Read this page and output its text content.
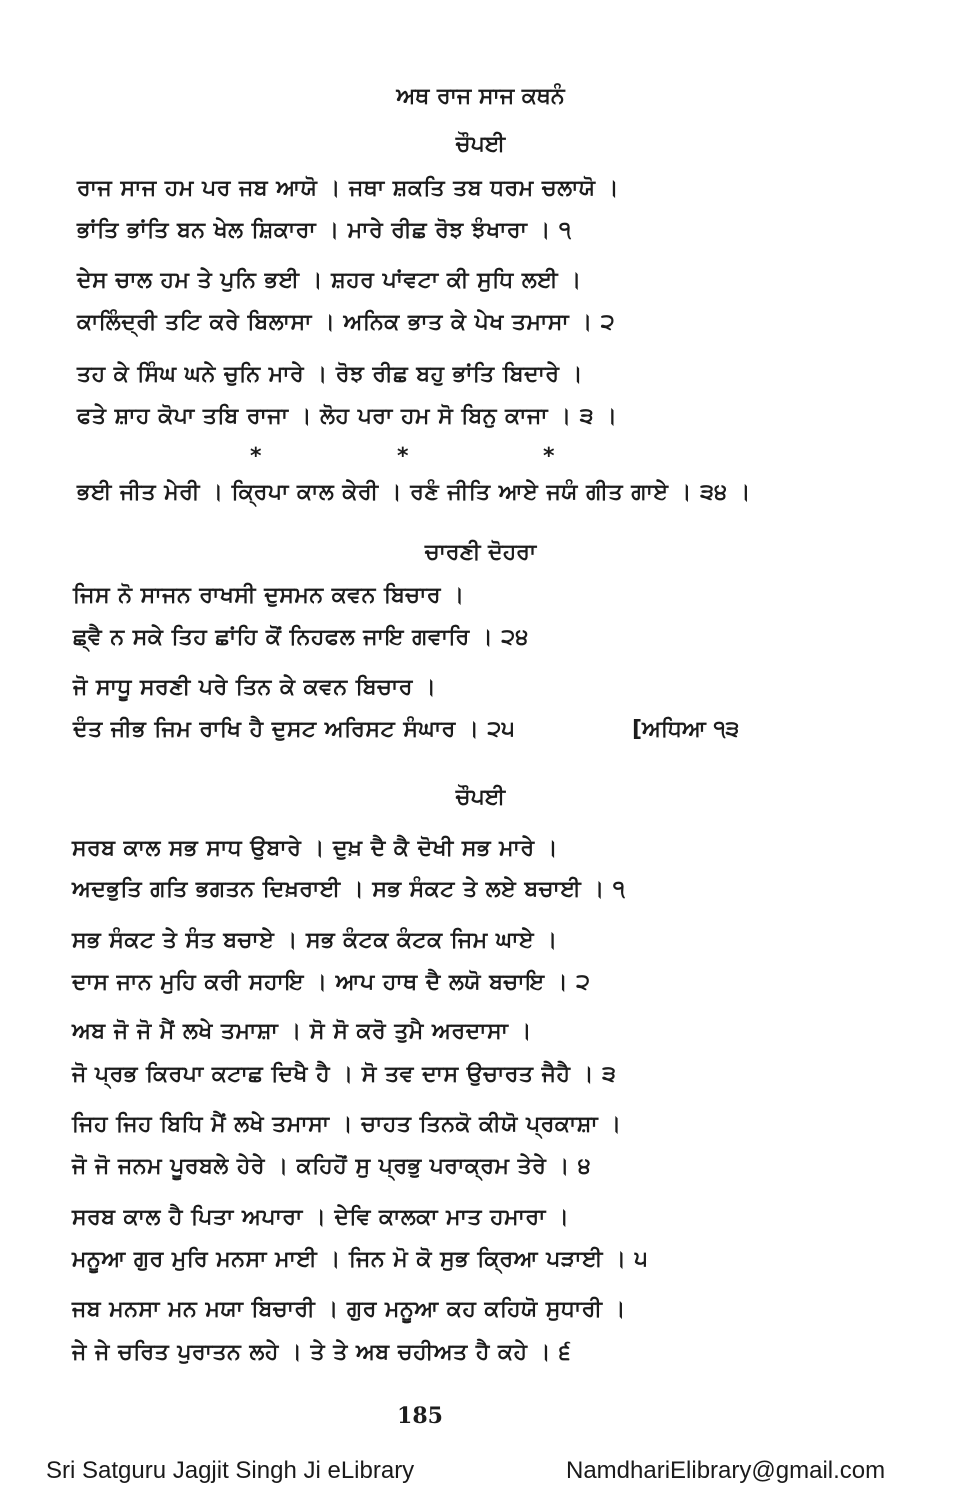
ਅਥ ਰਾਜ ਸਾਜ ਕਥਨੰ
ਚੌਪਈ
ਰਾਜ ਸਾਜ ਹਮ ਪਰ ਜਬ ਆਯੋ । ਜਥਾ ਸ਼ਕਤਿ ਤਬ ਧਰਮ ਚਲਾਯੋ ।
ਭਾਂਤਿ ਭਾਂਤਿ ਬਨ ਖੇਲ ਸ਼ਿਕਾਰਾ । ਮਾਰੇ ਰੀਛ ਰੋਝ ਝੰਖਾਰਾ । ੧
ਦੇਸ ਚਾਲ ਹਮ ਤੇ ਪੁਨਿ ਭਈ । ਸ਼ਹਰ ਪਾਂਵਟਾ ਕੀ ਸੁਧਿ ਲਈ ।
ਕਾਲਿੰਦ੍ਰੀ ਤਟਿ ਕਰੇ ਬਿਲਾਸਾ । ਅਨਿਕ ਭਾਤ ਕੇ ਪੇਖ ਤਮਾਸਾ । ੨
ਤਹ ਕੇ ਸਿੰਘ ਘਨੇ ਚੁਨਿ ਮਾਰੇ । ਰੋਝ ਰੀਛ ਬਹੁ ਭਾਂਤਿ ਬਿਦਾਰੇ ।
ਫਤੇ ਸ਼ਾਹ ਕੋਪਾ ਤਬਿ ਰਾਜਾ । ਲੋਹ ਪਰਾ ਹਮ ਸੋ ਬਿਨੁ ਕਾਜਾ । ੩ ।
*	*	*
ਭਈ ਜੀਤ ਮੇਰੀ । ਕ੍ਰਿਪਾ ਕਾਲ ਕੇਰੀ । ਰਣੰ ਜੀਤਿ ਆਏ ਜਯੰ ਗੀਤ ਗਾਏ । ੩੪ ।
ਚਾਰਣੀ ਦੋਹਰਾ
ਜਿਸ ਨੋ ਸਾਜਨ ਰਾਖਸੀ ਦੁਸਮਨ ਕਵਨ ਬਿਚਾਰ ।
ਛ੍ਵੈ ਨ ਸਕੇ ਤਿਹ ਛਾਂਹਿ ਕੋਂ ਨਿਹਫਲ ਜਾਇ ਗਵਾਰਿ । ੨੪
ਜੋ ਸਾਧੂ ਸਰਣੀ ਪਰੇ ਤਿਨ ਕੇ ਕਵਨ ਬਿਚਾਰ ।
ਦੰਤ ਜੀਭ ਜਿਮ ਰਾਖਿ ਹੈ ਦੁਸਟ ਅਰਿਸਟ ਸੰਘਾਰ । ੨੫	[ਅਧਿਆ ੧੩
ਚੌਪਈ
ਸਰਬ ਕਾਲ ਸਭ ਸਾਧ ਉਬਾਰੇ । ਦੁਖ਼ ਦੈ ਕੈ ਦੋਖੀ ਸਭ ਮਾਰੇ ।
ਅਦਭੁਤਿ ਗਤਿ ਭਗਤਨ ਦਿਖ਼ਰਾਈ । ਸਭ ਸੰਕਟ ਤੇ ਲਏ ਬਚਾਈ । ੧
ਸਭ ਸੰਕਟ ਤੇ ਸੰਤ ਬਚਾਏ । ਸਭ ਕੰਟਕ ਕੰਟਕ ਜਿਮ ਘਾਏ ।
ਦਾਸ ਜਾਨ ਮੁਹਿ ਕਰੀ ਸਹਾਇ । ਆਪ ਹਾਥ ਦੈ ਲਯੋ ਬਚਾਇ । ੨
ਅਬ ਜੋ ਜੋ ਮੈਂ ਲਖੇ ਤਮਾਸ਼ਾ । ਸੋ ਸੋ ਕਰੋ ਤੁਮੈ ਅਰਦਾਸਾ ।
ਜੋ ਪ੍ਰਭ ਕਿਰਪਾ ਕਟਾਛ ਦਿਖੈ ਹੈ । ਸੋ ਤਵ ਦਾਸ ਉਚਾਰਤ ਜੈਹੈ । ੩
ਜਿਹ ਜਿਹ ਬਿਧਿ ਮੈਂ ਲਖੇ ਤਮਾਸਾ । ਚਾਹਤ ਤਿਨਕੋ ਕੀਯੋ ਪ੍ਰਕਾਸ਼ਾ ।
ਜੋ ਜੋ ਜਨਮ ਪੂਰਬਲੇ ਹੇਰੇ । ਕਹਿਹੋਂ ਸੁ ਪ੍ਰਭੁ ਪਰਾਕ੍ਰਮ ਤੇਰੇ । ੪
ਸਰਬ ਕਾਲ ਹੈ ਪਿਤਾ ਅਪਾਰਾ । ਦੇਵਿ ਕਾਲਕਾ ਮਾਤ ਹਮਾਰਾ ।
ਮਨੂਆ ਗੁਰ ਮੁਰਿ ਮਨਸਾ ਮਾਈ । ਜਿਨ ਮੋ ਕੋ ਸੁਭ ਕ੍ਰਿਆ ਪੜਾਈ । ੫
ਜਬ ਮਨਸਾ ਮਨ ਮਯਾ ਬਿਚਾਰੀ । ਗੁਰ ਮਨੂਆ ਕਹ ਕਹਿਯੋ ਸੁਧਾਰੀ ।
ਜੇ ਜੇ ਚਰਿਤ ਪੁਰਾਤਨ ਲਹੇ । ਤੇ ਤੇ ਅਬ ਚਹੀਅਤ ਹੈ ਕਹੇ । ੬
185
Sri Satguru Jagjit Singh Ji eLibrary	NamdhariElibrary@gmail.com
